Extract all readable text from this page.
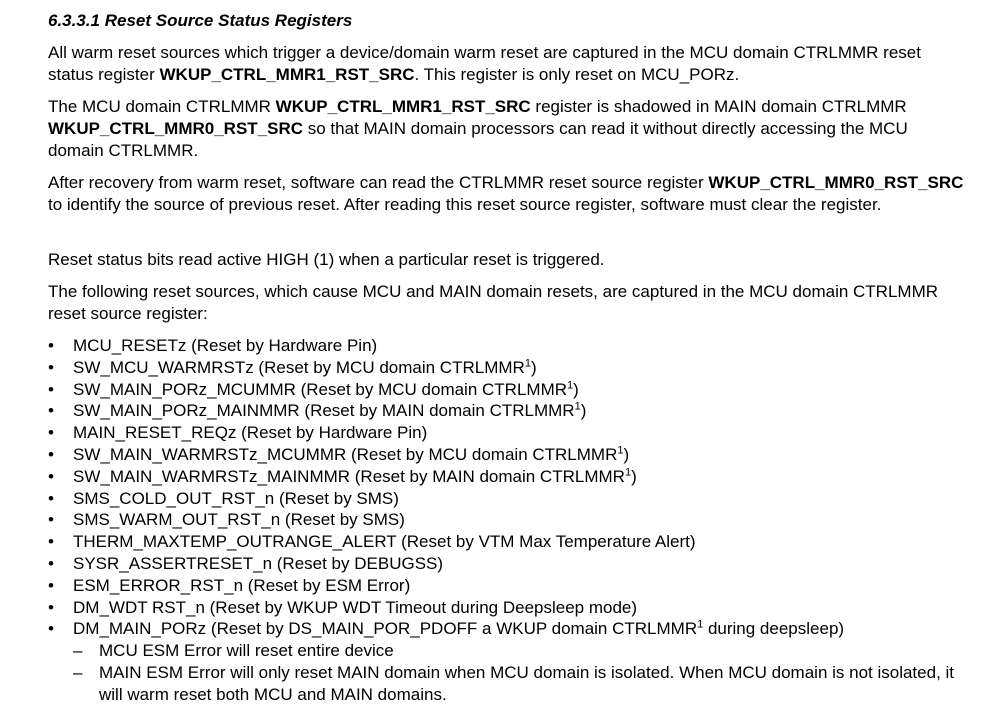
6.3.3.1 Reset Source Status Registers

All warm reset sources which trigger a device/domain warm reset are captured in the MCU domain CTRLMMR reset status register WKUP_CTRL_MMR1_RST_SRC. This register is only reset on MCU_PORz.

The MCU domain CTRLMMR WKUP_CTRL_MMR1_RST_SRC register is shadowed in MAIN domain CTRLMMR WKUP_CTRL_MMR0_RST_SRC so that MAIN domain processors can read it without directly accessing the MCU domain CTRLMMR.

After recovery from warm reset, software can read the CTRLMMR reset source register WKUP_CTRL_MMR0_RST_SRC to identify the source of previous reset. After reading this reset source register, software must clear the register.

Reset status bits read active HIGH (1) when a particular reset is triggered.

The following reset sources, which cause MCU and MAIN domain resets, are captured in the MCU domain CTRLMMR reset source register:

• MCU_RESETz (Reset by Hardware Pin)
• SW_MCU_WARMRSTz (Reset by MCU domain CTRLMMR$^1$)
• SW_MAIN_PORz_MCUMMR (Reset by MCU domain CTRLMMR$^1$)
• SW_MAIN_PORz_MAINMMR (Reset by MAIN domain CTRLMMR$^1$)
• MAIN_RESET_REQz (Reset by Hardware Pin)
• SW_MAIN_WARMRSTz_MCUMMR (Reset by MCU domain CTRLMMR$^1$)
• SW_MAIN_WARMRSTz_MAINMMR (Reset by MAIN domain CTRLMMR$^1$)
• SMS_COLD_OUT_RST_n (Reset by SMS)
• SMS_WARM_OUT_RST_n (Reset by SMS)
• THERM_MAXTEMP_OUTRANGE_ALERT (Reset by VTM Max Temperature Alert)
• SYSR_ASSERTRESET_n (Reset by DEBUGSS)
• ESM_ERROR_RST_n (Reset by ESM Error)
• DM_WDT RST_n (Reset by WKUP WDT Timeout during Deepsleep mode)
• DM_MAIN_PORz (Reset by DS_MAIN_POR_PDOFF a WKUP domain CTRLMMR$^1$ during deepsleep)
– MCU ESM Error will reset entire device
– MAIN ESM Error will only reset MAIN domain when MCU domain is isolated. When MCU domain is not isolated, it will warm reset both MCU and MAIN domains.
